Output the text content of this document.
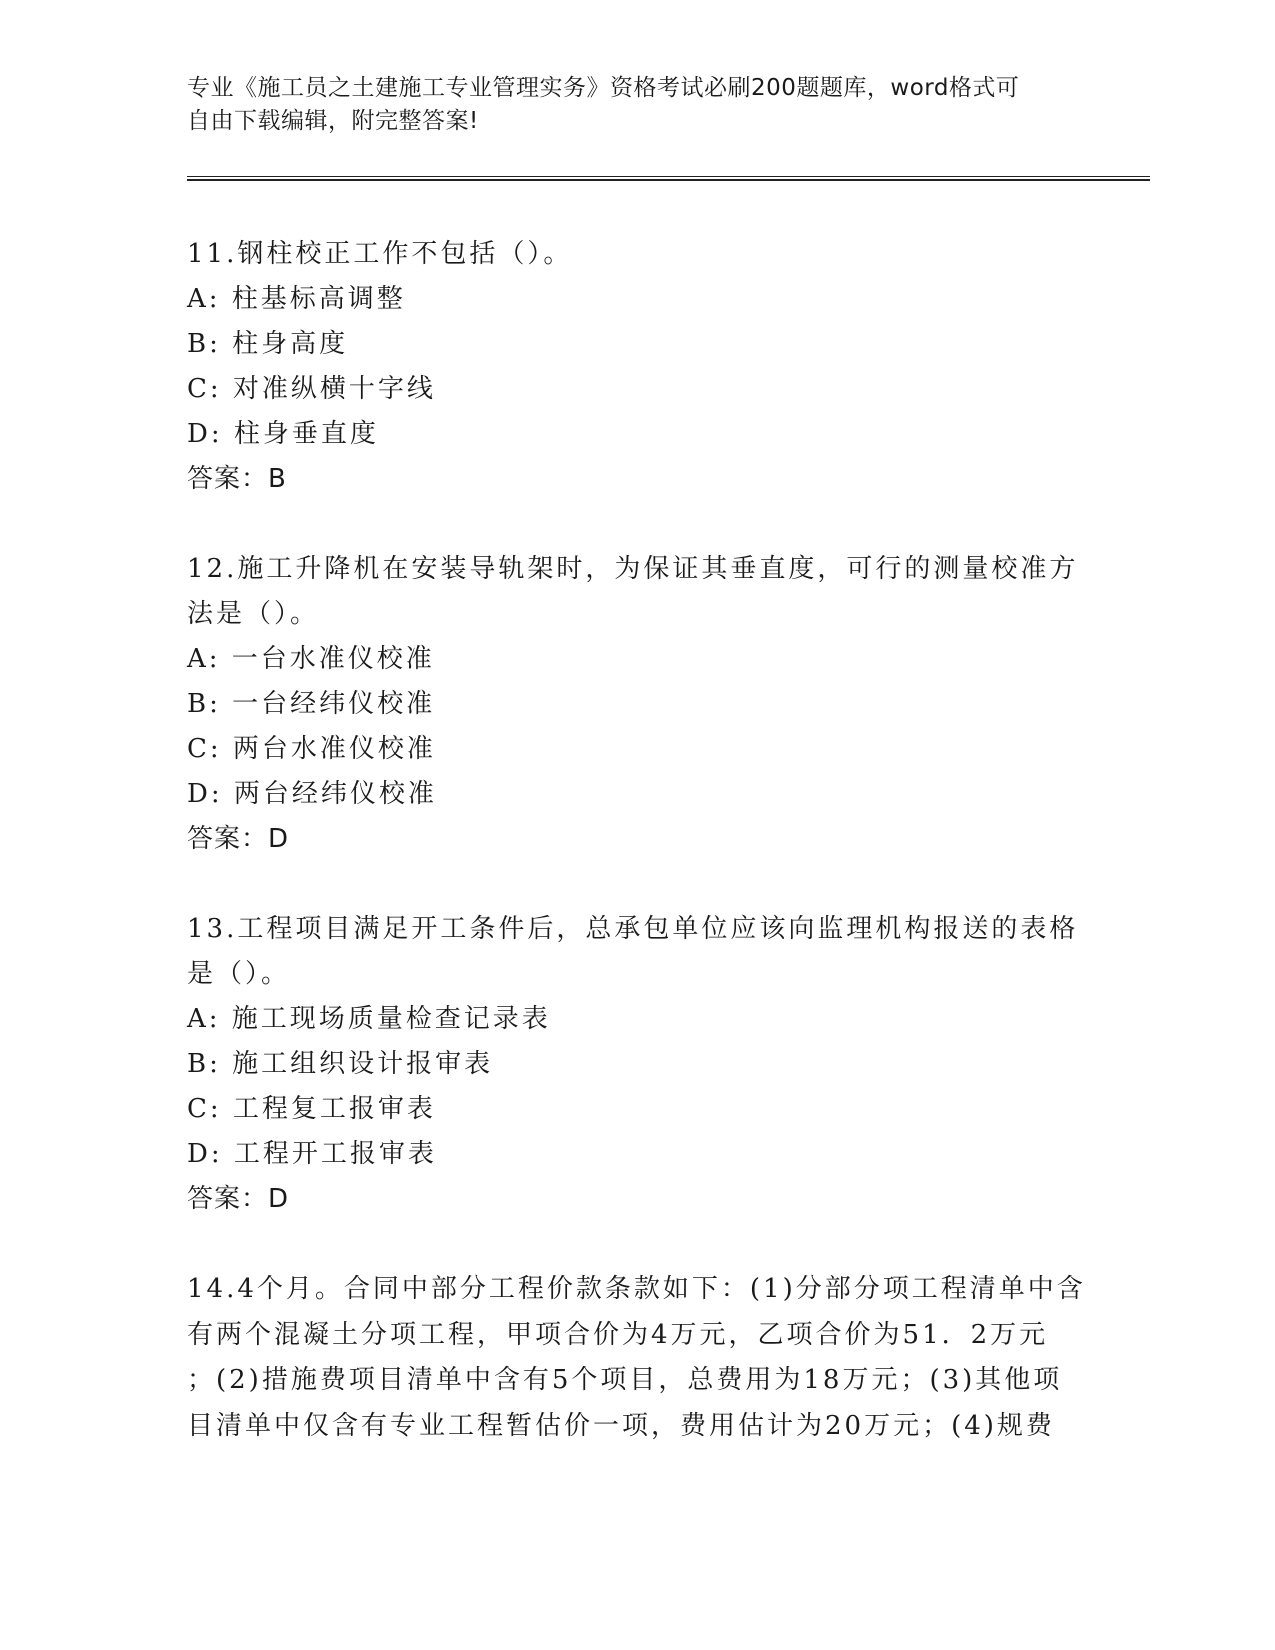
专业《施工员之土建施工专业管理实务》资格考试必刷200题题库，word格式可
自由下载编辑，附完整答案!
11.钢柱校正工作不包括（）。
A: 柱基标高调整
B: 柱身高度
C: 对准纵横十字线
D: 柱身垂直度
答案：B
12.施工升降机在安装导轨架时，为保证其垂直度，可行的测量校准方
法是（）。
A: 一台水准仪校准
B: 一台经纬仪校准
C: 两台水准仪校准
D: 两台经纬仪校准
答案：D
13.工程项目满足开工条件后，总承包单位应该向监理机构报送的表格
是（）。
A: 施工现场质量检查记录表
B: 施工组织设计报审表
C: 工程复工报审表
D: 工程开工报审表
答案：D
14.4个月。合同中部分工程价款条款如下：(1)分部分项工程清单中含
有两个混凝土分项工程，甲项合价为4万元，乙项合价为51．2万元
；(2)措施费项目清单中含有5个项目，总费用为18万元；(3)其他项
目清单中仅含有专业工程暂估价一项，费用估计为20万元；(4)规费
